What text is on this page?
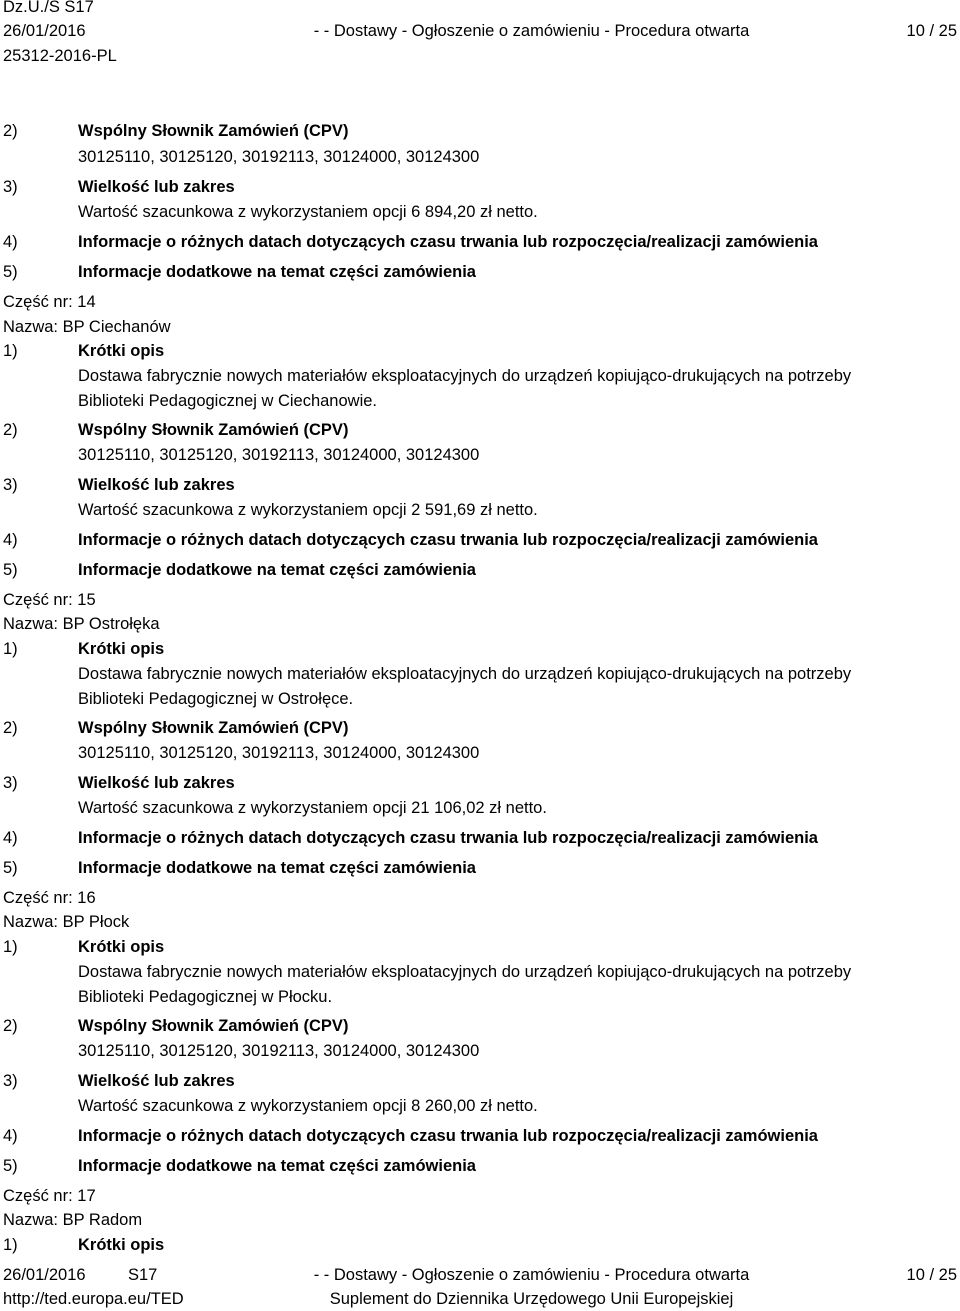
Dz.U./S S17
26/01/2016	- - Dostawy - Ogłoszenie o zamówieniu - Procedura otwarta	10 / 25
25312-2016-PL
2)	Wspólny Słownik Zamówień (CPV)
30125110, 30125120, 30192113, 30124000, 30124300
3)	Wielkość lub zakres
Wartość szacunkowa z wykorzystaniem opcji 6 894,20 zł netto.
4)	Informacje o różnych datach dotyczących czasu trwania lub rozpoczęcia/realizacji zamówienia
5)	Informacje dodatkowe na temat części zamówienia
Część nr: 14
Nazwa: BP Ciechanów
1)	Krótki opis
Dostawa fabrycznie nowych materiałów eksploatacyjnych do urządzeń kopiująco-drukujących na potrzeby
Biblioteki Pedagogicznej w Ciechanowie.
2)	Wspólny Słownik Zamówień (CPV)
30125110, 30125120, 30192113, 30124000, 30124300
3)	Wielkość lub zakres
Wartość szacunkowa z wykorzystaniem opcji 2 591,69 zł netto.
4)	Informacje o różnych datach dotyczących czasu trwania lub rozpoczęcia/realizacji zamówienia
5)	Informacje dodatkowe na temat części zamówienia
Część nr: 15
Nazwa: BP Ostrołęka
1)	Krótki opis
Dostawa fabrycznie nowych materiałów eksploatacyjnych do urządzeń kopiująco-drukujących na potrzeby
Biblioteki Pedagogicznej w Ostrołęce.
2)	Wspólny Słownik Zamówień (CPV)
30125110, 30125120, 30192113, 30124000, 30124300
3)	Wielkość lub zakres
Wartość szacunkowa z wykorzystaniem opcji 21 106,02 zł netto.
4)	Informacje o różnych datach dotyczących czasu trwania lub rozpoczęcia/realizacji zamówienia
5)	Informacje dodatkowe na temat części zamówienia
Część nr: 16
Nazwa: BP Płock
1)	Krótki opis
Dostawa fabrycznie nowych materiałów eksploatacyjnych do urządzeń kopiująco-drukujących na potrzeby
Biblioteki Pedagogicznej w Płocku.
2)	Wspólny Słownik Zamówień (CPV)
30125110, 30125120, 30192113, 30124000, 30124300
3)	Wielkość lub zakres
Wartość szacunkowa z wykorzystaniem opcji 8 260,00 zł netto.
4)	Informacje o różnych datach dotyczących czasu trwania lub rozpoczęcia/realizacji zamówienia
5)	Informacje dodatkowe na temat części zamówienia
Część nr: 17
Nazwa: BP Radom
1)	Krótki opis
26/01/2016	S17	- - Dostawy - Ogłoszenie o zamówieniu - Procedura otwarta	10 / 25
http://ted.europa.eu/TED	Suplement do Dziennika Urzędowego Unii Europejskiej
